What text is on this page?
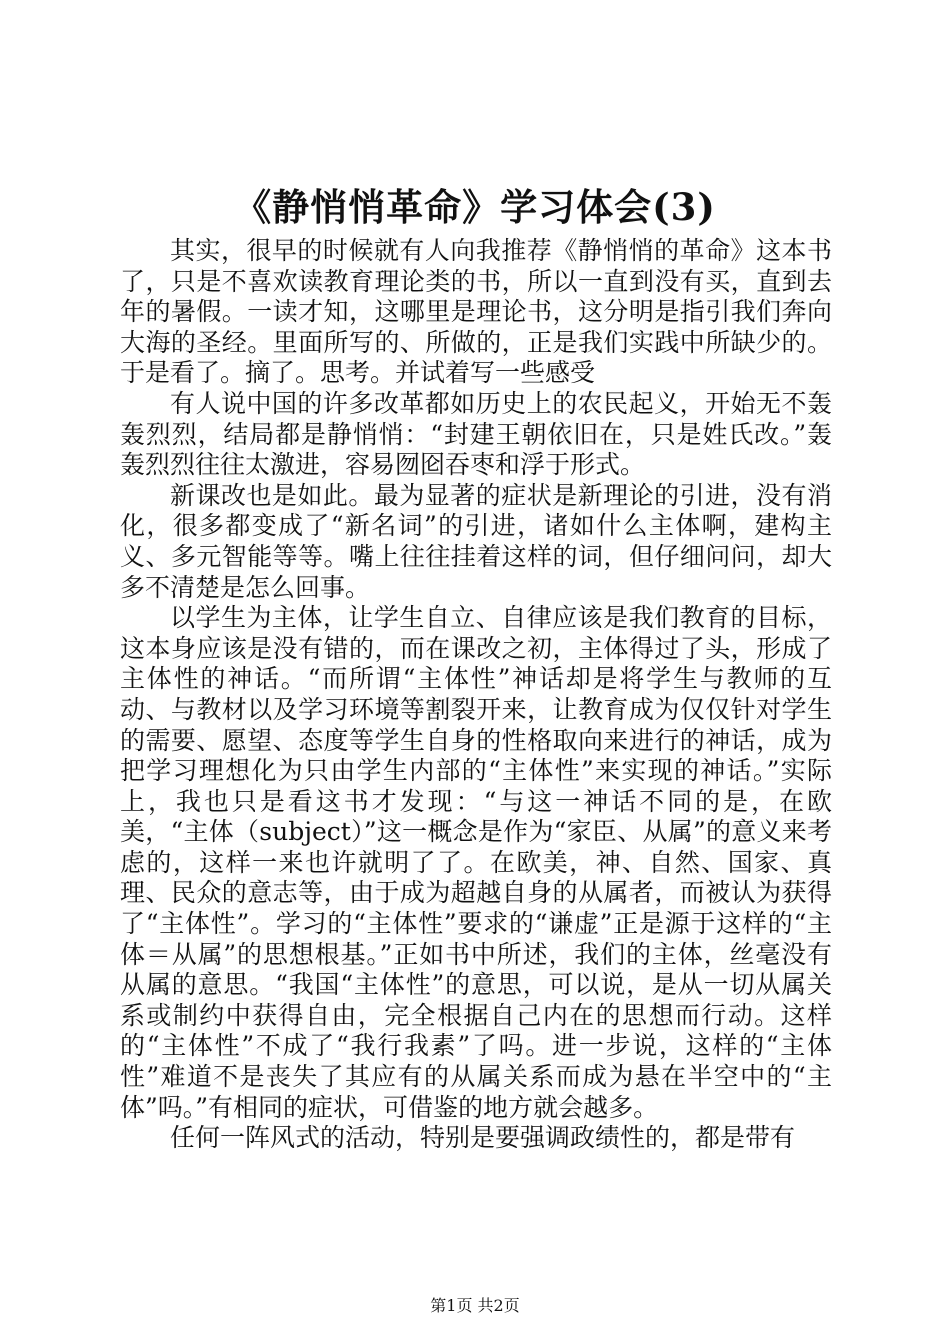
《静悄悄革命》学习体会(3)

其实，很早的时候就有人向我推荐《静悄悄的革命》这本书了，只是不喜欢读教育理论类的书，所以一直到没有买，直到去年的暑假。一读才知，这哪里是理论书，这分明是指引我们奔向大海的圣经。里面所写的、所做的，正是我们实践中所缺少的。于是看了。摘了。思考。并试着写一些感受

有人说中国的许多改革都如历史上的农民起义，开始无不轰轰烈烈，结局都是静悄悄：“封建王朝依旧在，只是姓氏改。”轰轰烈烈往往太激进，容易囫囵吞枣和浮于形式。

新课改也是如此。最为显著的症状是新理论的引进，没有消化，很多都变成了“新名词”的引进，诸如什么主体啊，建构主义、多元智能等等。嘴上往往挂着这样的词，但仔细问问，却大多不清楚是怎么回事。

以学生为主体，让学生自立、自律应该是我们教育的目标，这本身应该是没有错的，而在课改之初，主体得过了头，形成了主体性的神话。“而所谓“主体性”神话却是将学生与教师的互动、与教材以及学习环境等割裂开来，让教育成为仅仅针对学生的需要、愿望、态度等学生自身的性格取向来进行的神话，成为把学习理想化为只由学生内部的“主体性”来实现的神话。”实际上，我也只是看这书才发现：“与这一神话不同的是，在欧美，“主体（subject）”这一概念是作为“家臣、从属”的意义来考虑的，这样一来也许就明了了。在欧美，神、自然、国家、真理、民众的意志等，由于成为超越自身的从属者，而被认为获得了“主体性”。学习的“主体性”要求的“谦虚”正是源于这样的“主体＝从属”的思想根基。”正如书中所述，我们的主体，丝毫没有从属的意思。“我国“主体性”的意思，可以说，是从一切从属关系或制约中获得自由，完全根据自己内在的思想而行动。这样的“主体性”不成了“我行我素”了吗。进一步说，这样的“主体性”难道不是丧失了其应有的从属关系而成为悬在半空中的“主体”吗。”有相同的症状，可借鉴的地方就会越多。

任何一阵风式的活动，特别是要强调政绩性的，都是带有

第1页 共2页
